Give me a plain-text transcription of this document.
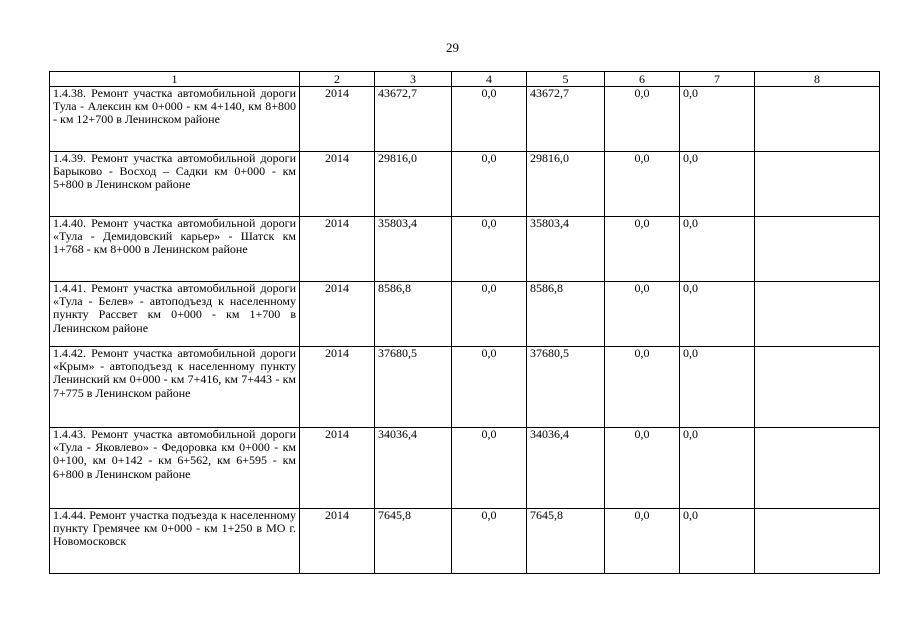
29
1	2	3	4	5	6	7	8
1.4.38. Ремонт участка автомобильной дороги Тула - Алексин км 0+000 - км 4+140, км 8+800 - км 12+700 в Ленинском районе	2014	43672,7	0,0	43672,7	0,0	0,0	
1.4.39. Ремонт участка автомобильной дороги Барыково - Восход – Садки км 0+000 - км 5+800 в Ленинском районе	2014	29816,0	0,0	29816,0	0,0	0,0	
1.4.40. Ремонт участка автомобильной дороги «Тула - Демидовский карьер» - Шатск км 1+768 - км 8+000 в Ленинском районе	2014	35803,4	0,0	35803,4	0,0	0,0	
1.4.41. Ремонт участка автомобильной дороги «Тула - Белев» - автоподъезд к населенному пункту Рассвет км 0+000 - км 1+700 в Ленинском районе	2014	8586,8	0,0	8586,8	0,0	0,0	
1.4.42. Ремонт участка автомобильной дороги «Крым» - автоподъезд к населенному пункту Ленинский км 0+000 - км 7+416, км 7+443 - км 7+775 в Ленинском районе	2014	37680,5	0,0	37680,5	0,0	0,0	
1.4.43. Ремонт участка автомобильной дороги «Тула - Яковлево» - Федоровка км 0+000 - км 0+100, км 0+142 - км 6+562, км 6+595 - км 6+800 в Ленинском районе	2014	34036,4	0,0	34036,4	0,0	0,0	
1.4.44. Ремонт участка подъезда к населенному пункту Гремячее км 0+000 - км 1+250 в МО г. Новомосковск	2014	7645,8	0,0	7645,8	0,0	0,0	
